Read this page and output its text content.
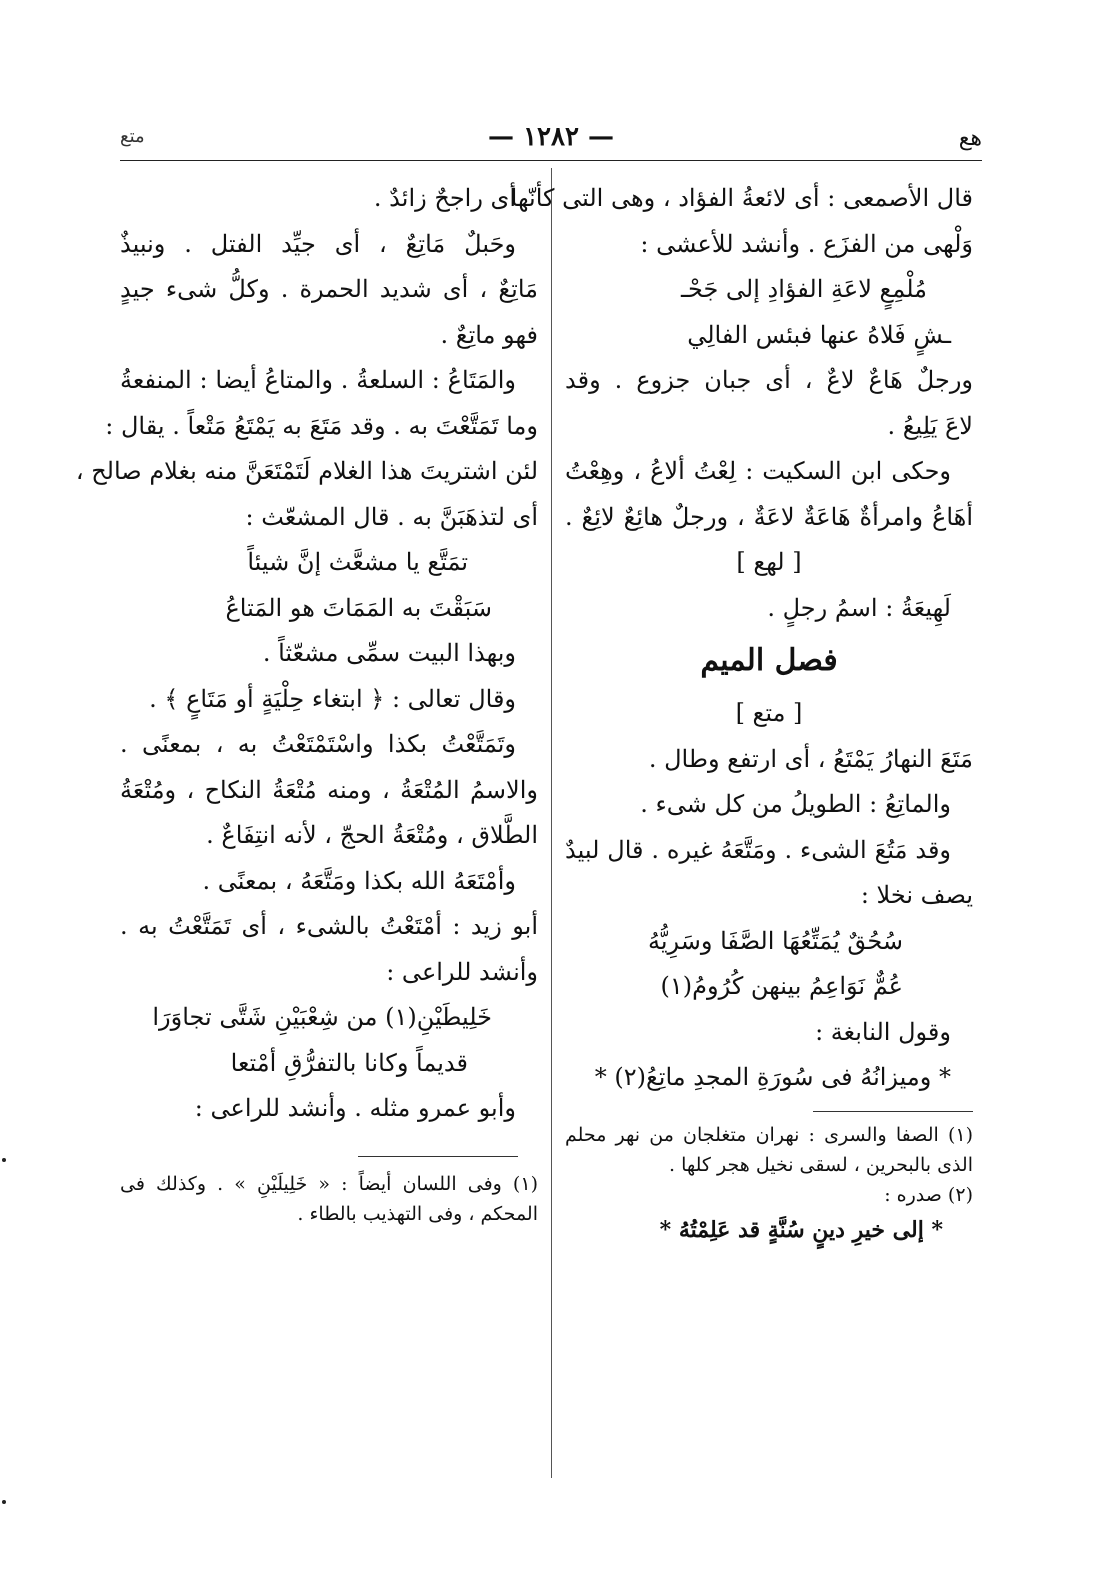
هع
— ١٢٨٢ —
متع
قال الأصمعى : أى لائعةُ الفؤاد ، وهى التى كأنّها
وَلْهى من الفزَع . وأنشد للأعشى :
مُلْمِعٍ لاعَةِ الفؤادِ إلى جَحْـ
ـشٍ فَلاهُ عنها فبئس الفالِي
ورجلٌ هَاعٌ لاعٌ ، أى جبان جزوع . وقد
لاعَ يَلِيعُ .
وحكى ابن السكيت : لِعْتُ ألاعُ ، وهِعْتُ
أهَاعُ وامرأةٌ هَاعَةٌ لاعَةٌ ، ورجلٌ هائِعٌ لائِعٌ .
[ لهع ]
لَهِيعَةُ : اسمُ رجلٍ .
فصل الميم
[ متع ]
مَتَعَ النهارُ يَمْتَعُ ، أى ارتفع وطال .
والماتِعُ : الطويلُ من كل شىء .
وقد مَتُعَ الشىء . ومَتَّعَهُ غيره . قال لبيدٌ
يصف نخلا :
سُحُقٌ يُمَتِّعُهَا الصَّفَا وسَرِيُّهُ
عُمٌّ نَوَاعِمُ بينهن كُرُومُ(١)
وقول النابغة :
* وميزانُهُ فى سُورَةِ المجدِ ماتِعُ(٢) *
(١) الصفا والسرى : نهران متغلجان من نهر محلم
الذى بالبحرين ، لسقى نخيل هجر كلها .
(٢) صدره :
* إلى خيرِ دينٍ سُنَّةٍ قد عَلِمْتُهُ *
أى راجحٌ زائدٌ .
وحَبلٌ مَاتِعٌ ، أى جيِّد الفتل . ونبيذٌ
مَاتِعٌ ، أى شديد الحمرة . وكلُّ شىء جيدٍ
فهو ماتِعٌ .
والمَتَاعُ : السلعةُ . والمتاعُ أيضا : المنفعةُ
وما تَمَتَّعْتَ به . وقد مَتَعَ به يَمْتَعُ مَتْعاً . يقال :
لئن اشتريتَ هذا الغلام لَتَمْتَعَنَّ منه بغلام صالح ،
أى لتذهَبَنَّ به . قال المشعّث :
تمَتَّع يا مشعَّث إنَّ شيئاً
سَبَقْتَ به المَمَاتَ هو المَتاعُ
وبهذا البيت سمِّى مشعّثاً .
وقال تعالى : ﴿ ابتغاء حِلْيَةٍ أو مَتَاعٍ ﴾ .
وتَمَتَّعْتُ بكذا واسْتَمْتَعْتُ به ، بمعنًى .
والاسمُ المُتْعَةُ ، ومنه مُتْعَةُ النكاح ، ومُتْعَةُ
الطَّلاق ، ومُتْعَةُ الحجّ ، لأنه انتِفَاعٌ .
وأمْتَعَهُ الله بكذا ومَتَّعَهُ ، بمعنًى .
أبو زيد : أمْتَعْتُ بالشىء ، أى تَمَتَّعْتُ به .
وأنشد للراعى :
خَلِيطَيْنِ(١) من شِعْبَيْنِ شَتَّى تجاوَرَا
قديماً وكانا بالتفرُّقِ أمْتعا
وأبو عمرو مثله . وأنشد للراعى :
(١) وفى اللسان أيضاً : « خَلِيلَيْنِ » . وكذلك فى
المحكم ، وفى التهذيب بالطاء .
